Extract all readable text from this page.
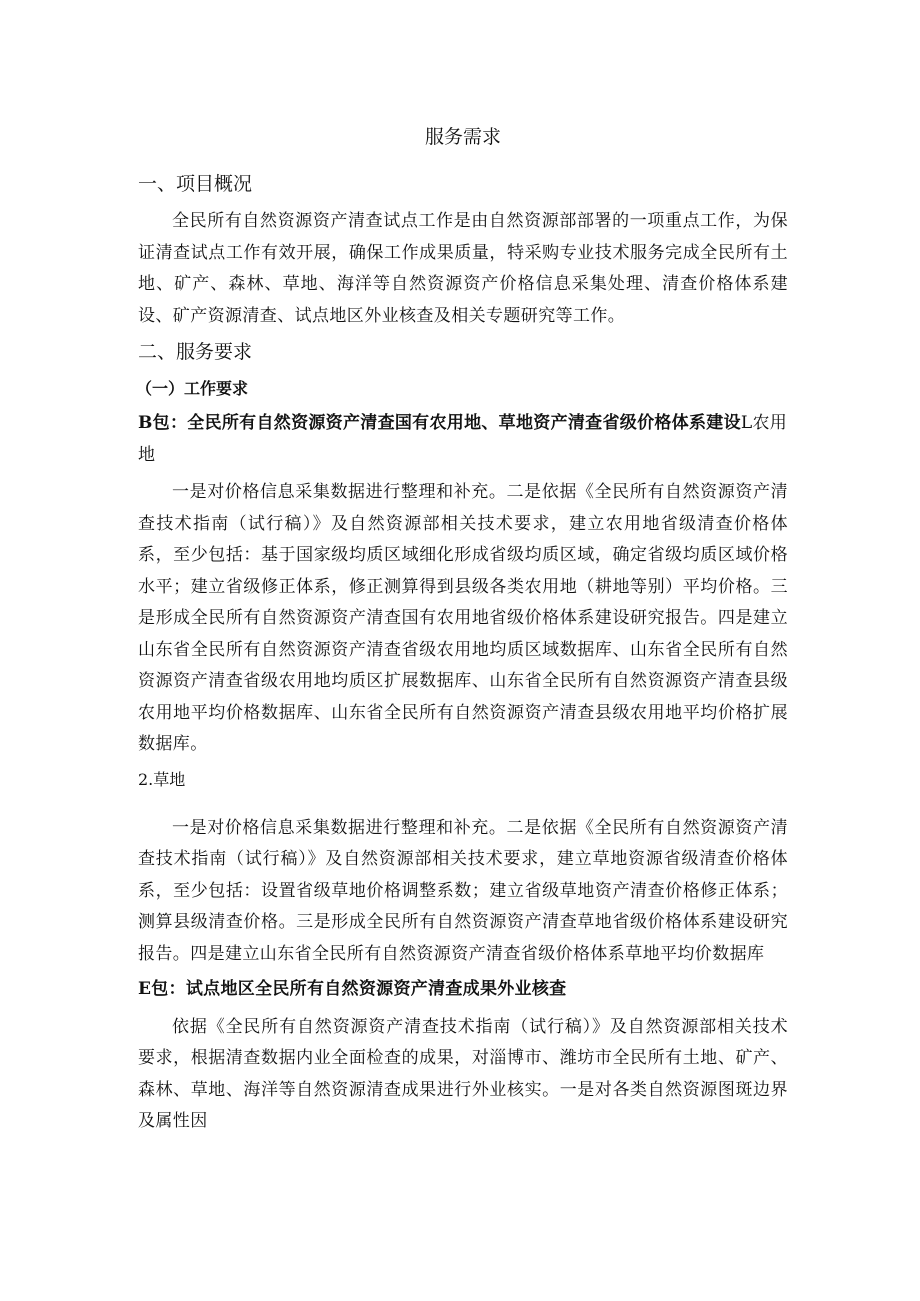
服务需求
一、项目概况

全民所有自然资源资产清查试点工作是由自然资源部部署的一项重点工作，为保证清查试点工作有效开展，确保工作成果质量，特采购专业技术服务完成全民所有土地、矿产、森林、草地、海洋等自然资源资产价格信息采集处理、清查价格体系建设、矿产资源清查、试点地区外业核查及相关专题研究等工作。

二、服务要求
（一）工作要求
B包：全民所有自然资源资产清查国有农用地、草地资产清查省级价格体系建设L农用地

一是对价格信息采集数据进行整理和补充。二是依据《全民所有自然资源资产清查技术指南（试行稿）》及自然资源部相关技术要求，建立农用地省级清查价格体系，至少包括：基于国家级均质区域细化形成省级均质区域，确定省级均质区域价格水平；建立省级修正体系，修正测算得到县级各类农用地（耕地等别）平均价格。三是形成全民所有自然资源资产清查国有农用地省级价格体系建设研究报告。四是建立山东省全民所有自然资源资产清查省级农用地均质区域数据库、山东省全民所有自然资源资产清查省级农用地均质区扩展数据库、山东省全民所有自然资源资产清查县级农用地平均价格数据库、山东省全民所有自然资源资产清查县级农用地平均价格扩展数据库。

2.草地

一是对价格信息采集数据进行整理和补充。二是依据《全民所有自然资源资产清查技术指南（试行稿）》及自然资源部相关技术要求，建立草地资源省级清查价格体系，至少包括：设置省级草地价格调整系数；建立省级草地资产清查价格修正体系；测算县级清查价格。三是形成全民所有自然资源资产清查草地省级价格体系建设研究报告。四是建立山东省全民所有自然资源资产清查省级价格体系草地平均价数据库

E包：试点地区全民所有自然资源资产清查成果外业核查

依据《全民所有自然资源资产清查技术指南（试行稿）》及自然资源部相关技术要求，根据清查数据内业全面检查的成果，对淄博市、潍坊市全民所有土地、矿产、森林、草地、海洋等自然资源清查成果进行外业核实。一是对各类自然资源图斑边界及属性因
